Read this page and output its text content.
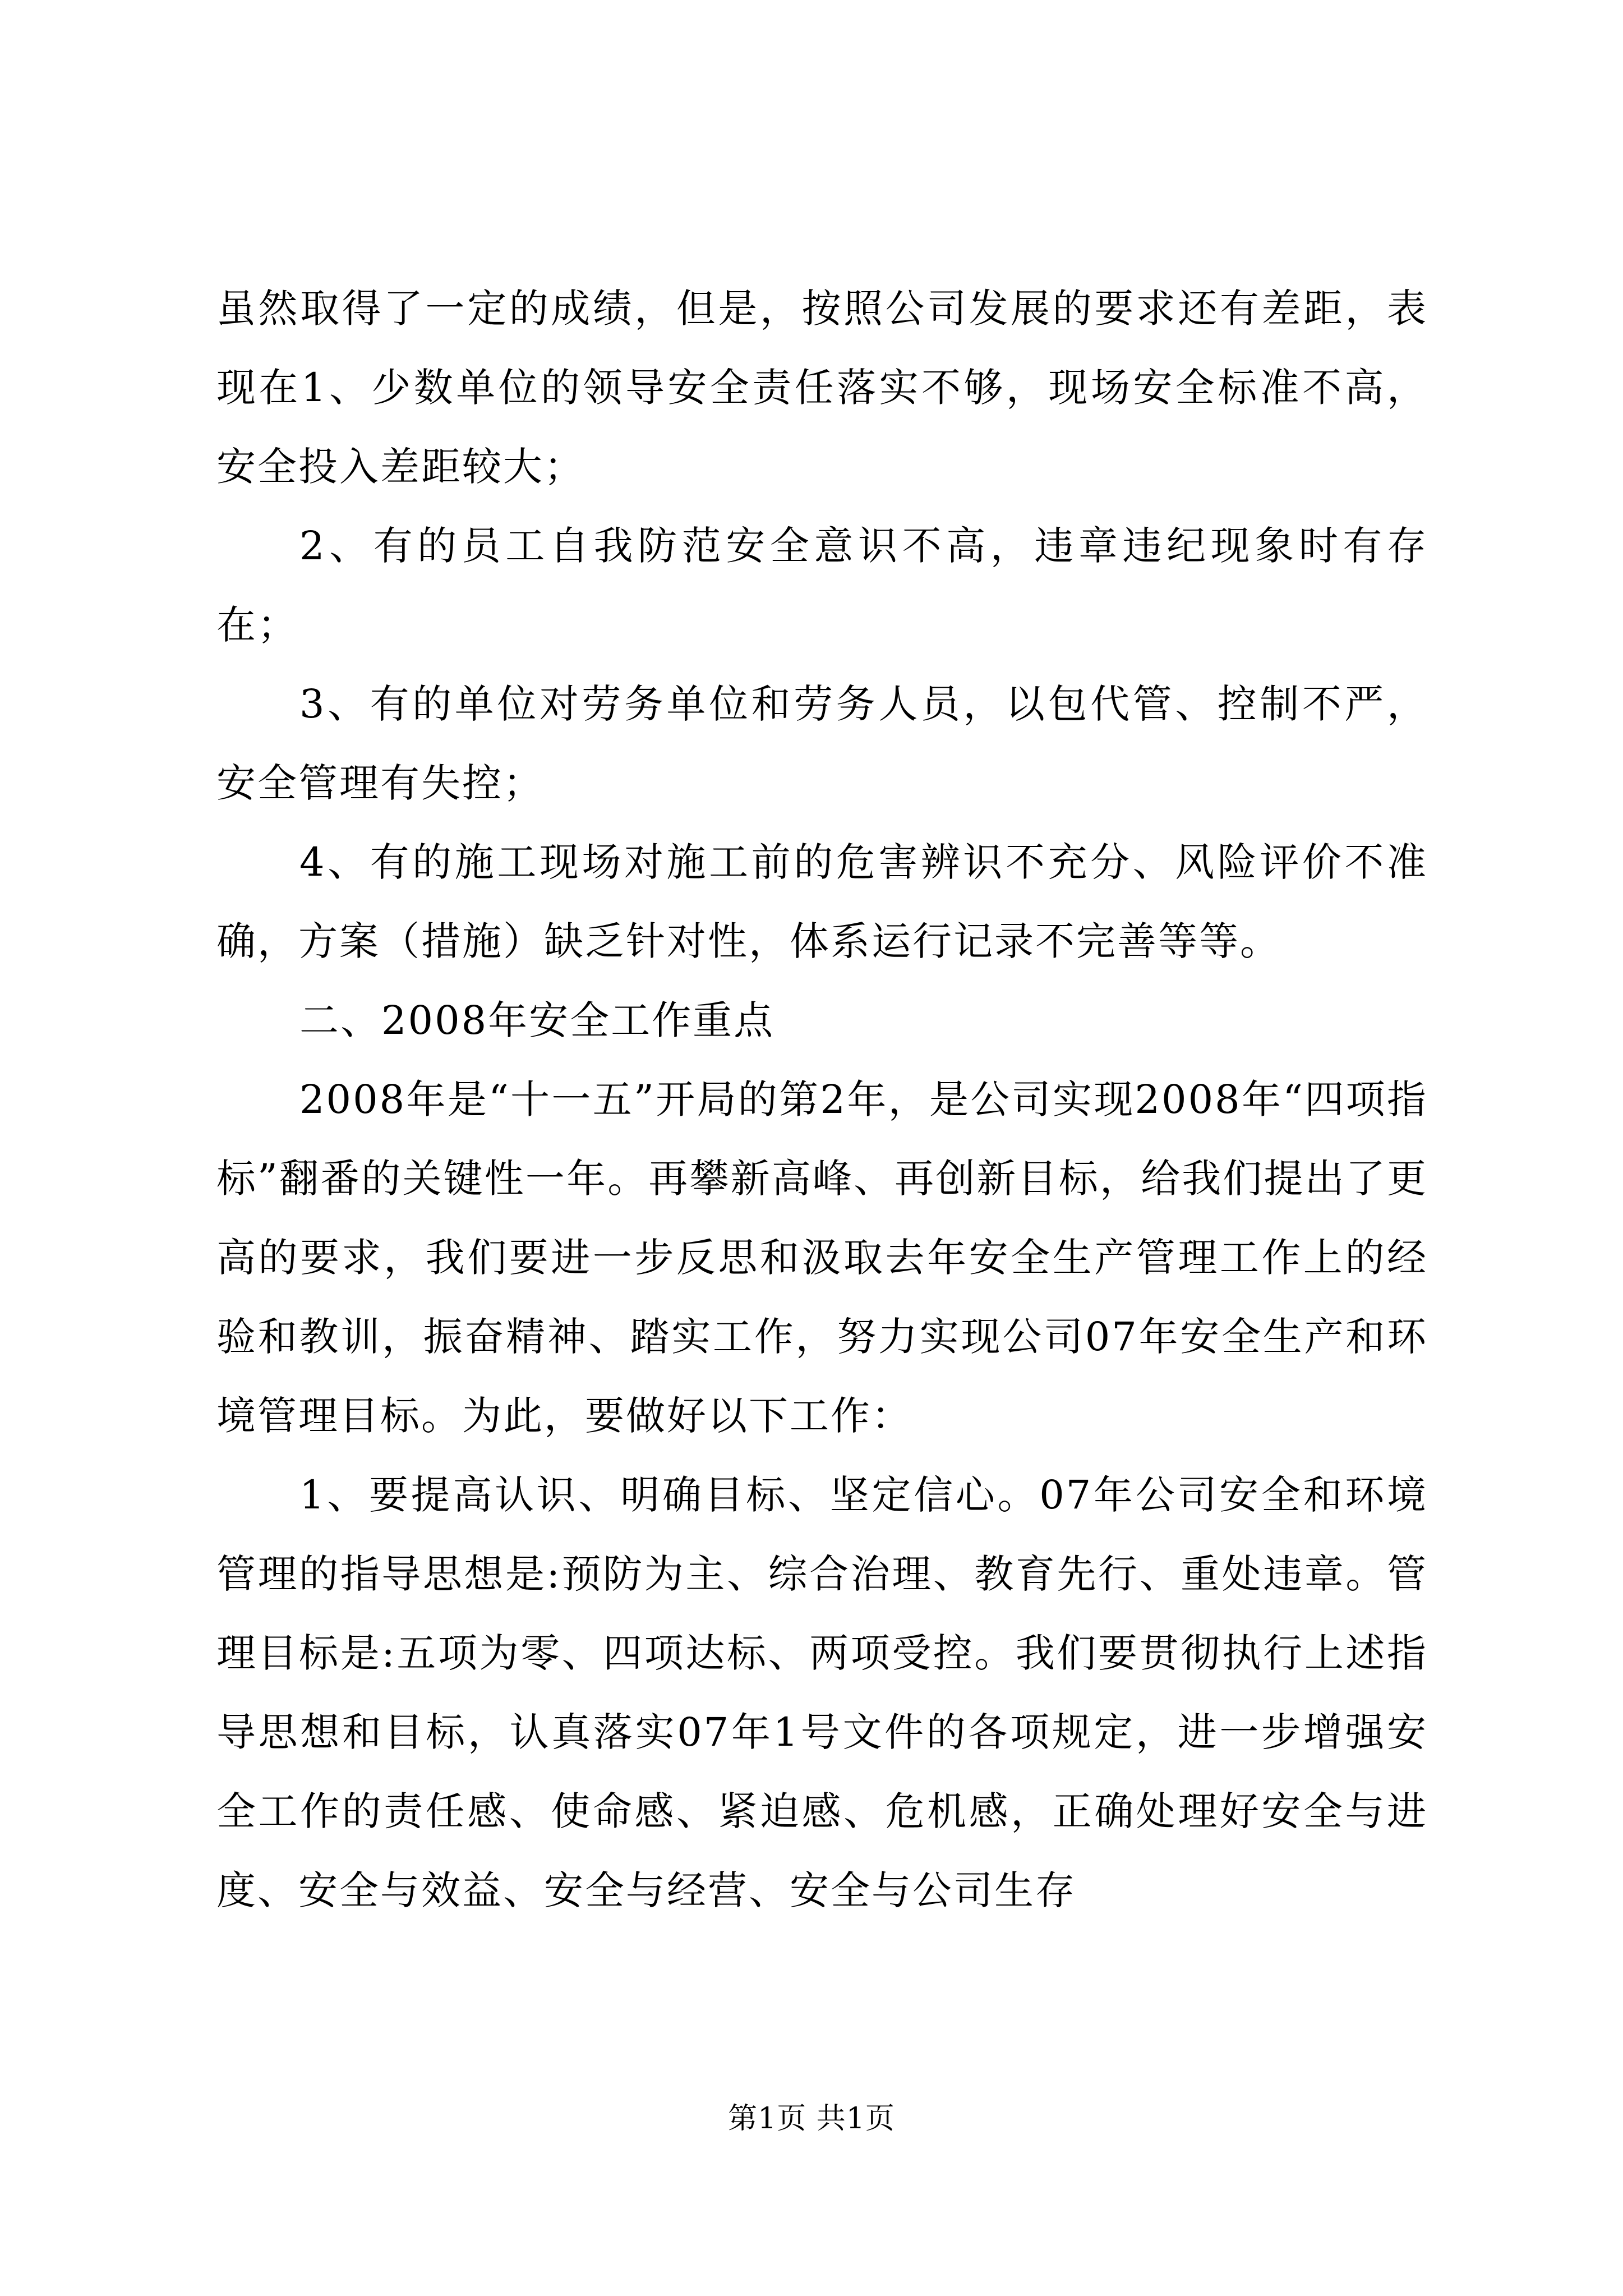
虽然取得了一定的成绩，但是，按照公司发展的要求还有差距，表现在1、少数单位的领导安全责任落实不够，现场安全标准不高，安全投入差距较大；

2、有的员工自我防范安全意识不高，违章违纪现象时有存在；

3、有的单位对劳务单位和劳务人员，以包代管、控制不严，安全管理有失控；

4、有的施工现场对施工前的危害辨识不充分、风险评价不准确，方案（措施）缺乏针对性，体系运行记录不完善等等。

二、2008年安全工作重点

2008年是“十一五”开局的第2年，是公司实现2008年“四项指标”翻番的关键性一年。再攀新高峰、再创新目标，给我们提出了更高的要求，我们要进一步反思和汲取去年安全生产管理工作上的经验和教训，振奋精神、踏实工作，努力实现公司07年安全生产和环境管理目标。为此，要做好以下工作：

1、要提高认识、明确目标、坚定信心。07年公司安全和环境管理的指导思想是:预防为主、综合治理、教育先行、重处违章。管理目标是:五项为零、四项达标、两项受控。我们要贯彻执行上述指导思想和目标，认真落实07年1号文件的各项规定，进一步增强安全工作的责任感、使命感、紧迫感、危机感，正确处理好安全与进度、安全与效益、安全与经营、安全与公司生存

第1页 共1页
